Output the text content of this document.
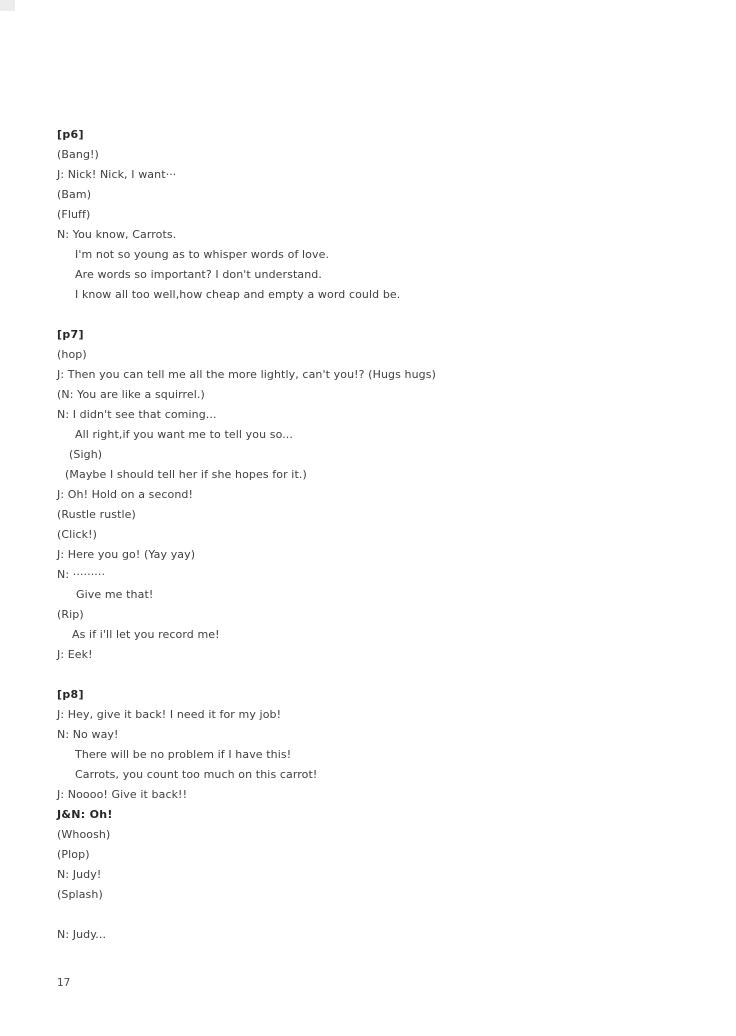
[p6]
(Bang!)
J: Nick! Nick, I want···
(Bam)
(Fluff)
N: You know, Carrots.
I'm not so young as to whisper words of love.
Are words so important? I don't understand.
I know all too well,how cheap and empty a word could be.
[p7]
(hop)
J: Then you can tell me all the more lightly, can't you!? (Hugs hugs)
(N: You are like a squirrel.)
N: I didn't see that coming...
All right,if you want me to tell you so...
(Sigh)
(Maybe I should tell her if she hopes for it.)
J: Oh! Hold on a second!
(Rustle rustle)
(Click!)
J: Here you go! (Yay yay)
N: ·········
Give me that!
(Rip)
As if i'll let you record me!
J: Eek!
[p8]
J: Hey, give it back! I need it for my job!
N: No way!
There will be no problem if I have this!
Carrots, you count too much on this carrot!
J: Noooo! Give it back!!
J&N: Oh!
(Whoosh)
(Plop)
N: Judy!
(Splash)

N: Judy...
17
